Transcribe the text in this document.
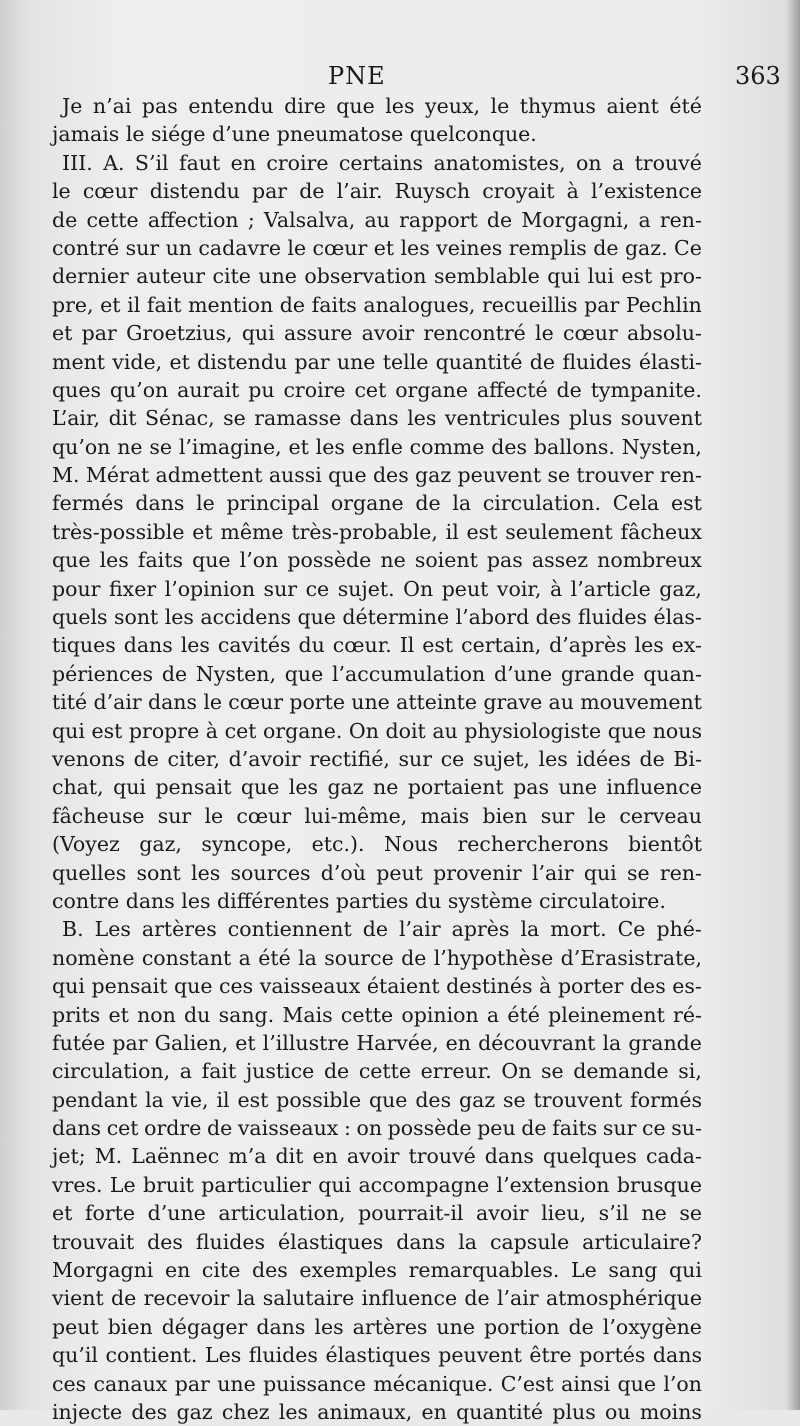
PNE	363
Je n’ai pas entendu dire que les yeux, le thymus aient été
jamais le siége d’une pneumatose quelconque.
III. A. S’il faut en croire certains anatomistes, on a trouvé
le cœur distendu par de l’air. Ruysch croyait à l’existence
de cette affection ; Valsalva, au rapport de Morgagni, a ren-
contré sur un cadavre le cœur et les veines remplis de gaz. Ce
dernier auteur cite une observation semblable qui lui est pro-
pre, et il fait mention de faits analogues, recueillis par Pechlin
et par Groetzius, qui assure avoir rencontré le cœur absolu-
ment vide, et distendu par une telle quantité de fluides élasti-
ques qu’on aurait pu croire cet organe affecté de tympanite.
L’air, dit Sénac, se ramasse dans les ventricules plus souvent
qu’on ne se l’imagine, et les enfle comme des ballons. Nysten,
M. Mérat admettent aussi que des gaz peuvent se trouver ren-
fermés dans le principal organe de la circulation. Cela est
très-possible et même très-probable, il est seulement fâcheux
que les faits que l’on possède ne soient pas assez nombreux
pour fixer l’opinion sur ce sujet. On peut voir, à l’article gaz,
quels sont les accidens que détermine l’abord des fluides élas-
tiques dans les cavités du cœur. Il est certain, d’après les ex-
périences de Nysten, que l’accumulation d’une grande quan-
tité d’air dans le cœur porte une atteinte grave au mouvement
qui est propre à cet organe. On doit au physiologiste que nous
venons de citer, d’avoir rectifié, sur ce sujet, les idées de Bi-
chat, qui pensait que les gaz ne portaient pas une influence
fâcheuse sur le cœur lui-même, mais bien sur le cerveau
(Voyez gaz, syncope, etc.). Nous rechercherons bientôt
quelles sont les sources d’où peut provenir l’air qui se ren-
contre dans les différentes parties du système circulatoire.
B. Les artères contiennent de l’air après la mort. Ce phé-
nomène constant a été la source de l’hypothèse d’Erasistrate,
qui pensait que ces vaisseaux étaient destinés à porter des es-
prits et non du sang. Mais cette opinion a été pleinement ré-
futée par Galien, et l’illustre Harvée, en découvrant la grande
circulation, a fait justice de cette erreur. On se demande si,
pendant la vie, il est possible que des gaz se trouvent formés
dans cet ordre de vaisseaux : on possède peu de faits sur ce su-
jet; M. Laënnec m’a dit en avoir trouvé dans quelques cada-
vres. Le bruit particulier qui accompagne l’extension brusque
et forte d’une articulation, pourrait-il avoir lieu, s’il ne se
trouvait des fluides élastiques dans la capsule articulaire?
Morgagni en cite des exemples remarquables. Le sang qui
vient de recevoir la salutaire influence de l’air atmosphérique
peut bien dégager dans les artères une portion de l’oxygène
qu’il contient. Les fluides élastiques peuvent être portés dans
ces canaux par une puissance mécanique. C’est ainsi que l’on
injecte des gaz chez les animaux, en quantité plus ou moins
